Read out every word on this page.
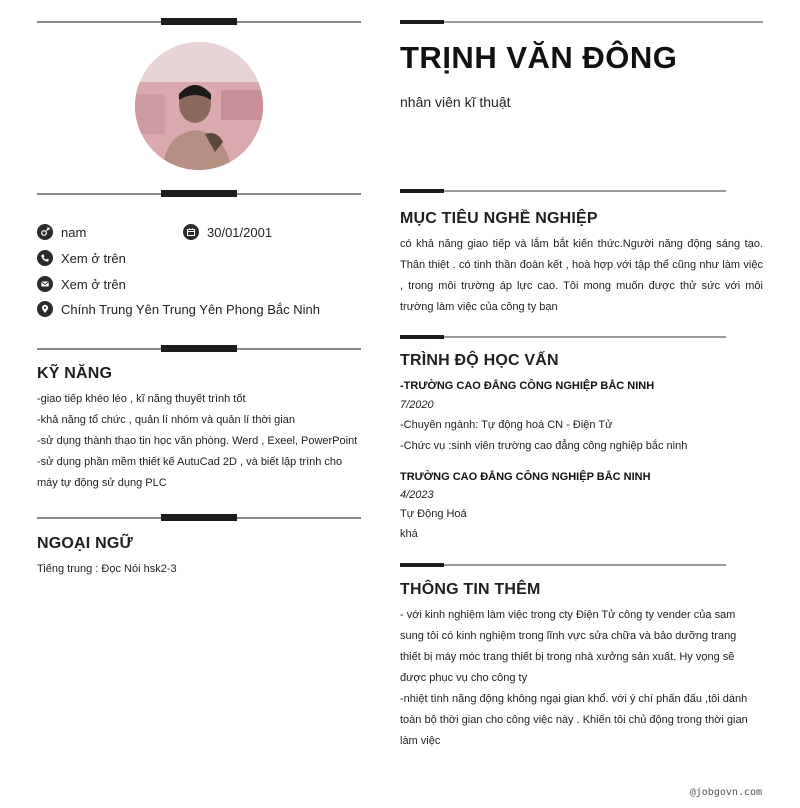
nam	30/01/2001
Xem ở trên
Xem ở trên
Chính Trung Yên Trung Yên Phong Bắc Ninh
KỸ NĂNG
-giao tiếp khéo léo , kĩ năng thuyết trình tốt
-khả năng tổ chức , quản lí nhóm và quản lí thời gian
-sử dụng thành thạo tin học văn phòng. Werd , Exeel, PowerPoint
-sử dụng phần mềm thiết kế AutuCad 2D , và biết lập trình cho máy tự động sử dụng PLC
NGOẠI NGỮ
Tiếng trung : Đọc Nói hsk2-3
TRỊNH VĂN ĐÔNG
nhân viên kĩ thuật
MỤC TIÊU NGHỀ NGHIỆP
có khả năng giao tiếp và lắm bắt kiến thức.Người năng động sáng tạo. Thân thiệt . có tinh thần đoàn kết , hoà hợp với tập thể cũng như làm việc , trong môi trường áp lực cao. Tôi mong muốn được thử sức với môi trường làm việc của công ty bạn
TRÌNH ĐỘ HỌC VẤN
-TRƯỜNG CAO ĐẲNG CÔNG NGHIỆP BẮC NINH
7/2020
-Chuyên ngành: Tự động hoá CN - Điện Tử
-Chức vụ :sinh viên trường cao đẳng công nghiệp bắc ninh
TRƯỜNG CAO ĐẲNG CÔNG NGHIỆP BẮC NINH
4/2023
Tự Động Hoá
khá
THÔNG TIN THÊM
- với kinh nghiệm làm việc trong cty Điện Tử công ty vender của sam sung tôi có kinh nghiệm trong lĩnh vực sửa chữa và bảo dưỡng trang thiết bị máy móc trang thiết bị trong nhà xưởng sản xuất. Hy vọng sẽ được phục vụ cho công ty
-nhiệt tình năng động không ngại gian khổ. với ý chí phấn đấu ,tôi dành toàn bộ thời gian cho công việc này . Khiến tôi chủ động trong thời gian làm việc
@jobgovn.com
